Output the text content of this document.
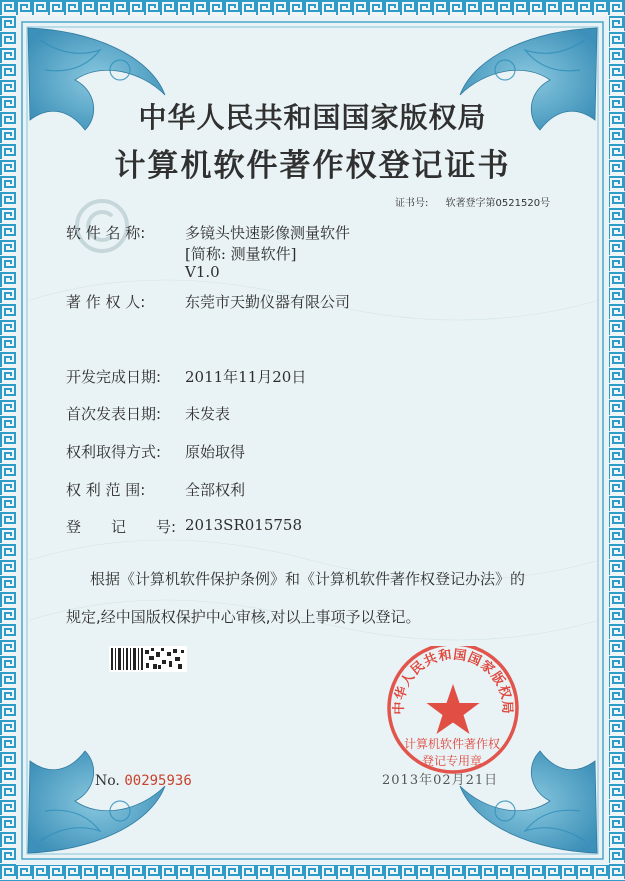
中华人民共和国国家版权局
计算机软件著作权登记证书
证书号: 软著登字第0521520号
软 件 名 称:	多镜头快速影像测量软件
[简称: 测量软件]
V1.0
著 作 权 人:	东莞市天勤仪器有限公司
开发完成日期: 2011年11月20日
首次发表日期: 未发表
权利取得方式: 原始取得
权 利 范 围:	全部权利
登　　记　　号: 2013SR015758
根据《计算机软件保护条例》和《计算机软件著作权登记办法》的
规定,经中国版权保护中心审核,对以上事项予以登记。
中华人民共和国国家版权局
计算机软件著作权
登记专用章
No. 00295936	2013年02月21日
